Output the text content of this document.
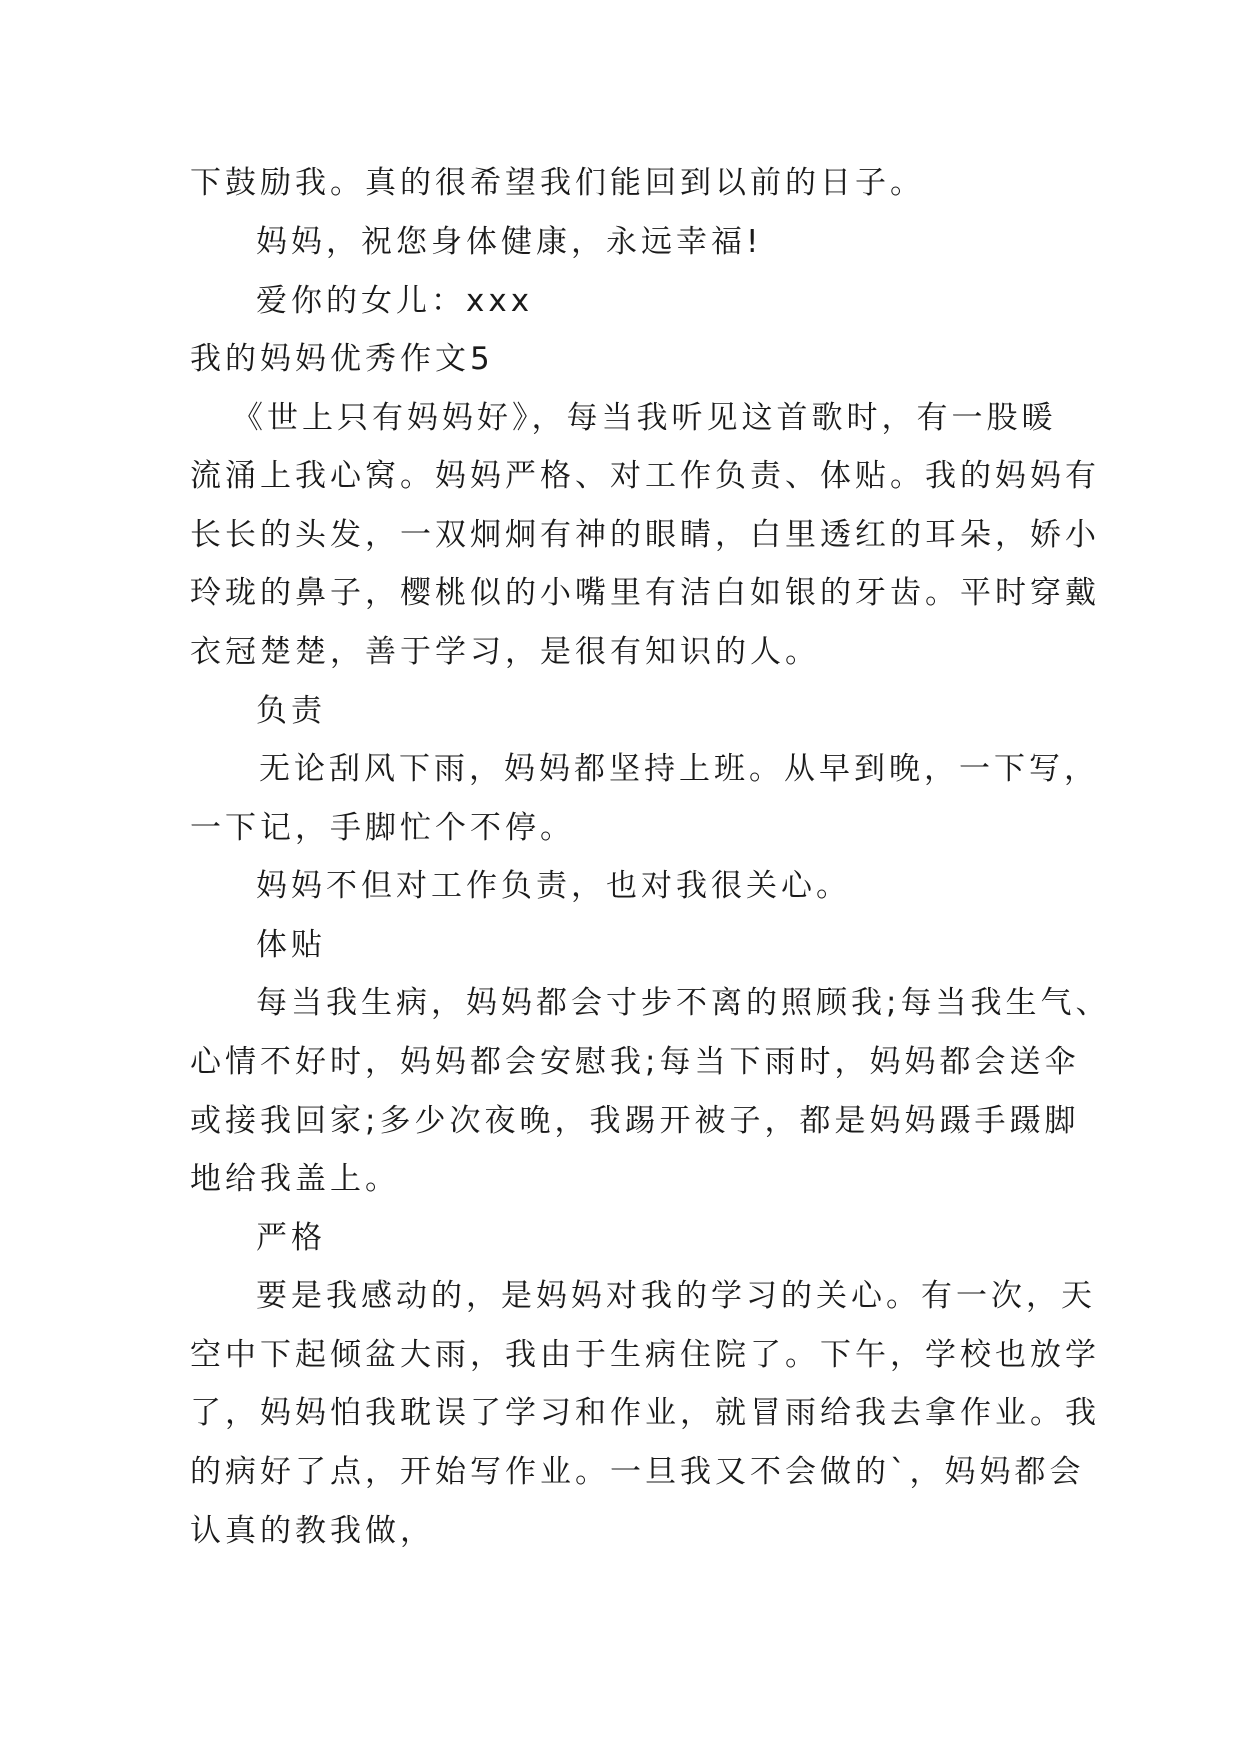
下鼓励我。真的很希望我们能回到以前的日子。
妈妈，祝您身体健康，永远幸福!
爱你的女儿：xxx
我的妈妈优秀作文5
《世上只有妈妈好》，每当我听见这首歌时，有一股暖
流涌上我心窝。妈妈严格、对工作负责、体贴。我的妈妈有
长长的头发，一双炯炯有神的眼睛，白里透红的耳朵，娇小
玲珑的鼻子，樱桃似的小嘴里有洁白如银的牙齿。平时穿戴
衣冠楚楚，善于学习，是很有知识的人。
负责
无论刮风下雨，妈妈都坚持上班。从早到晚，一下写，
一下记，手脚忙个不停。
妈妈不但对工作负责，也对我很关心。
体贴
每当我生病，妈妈都会寸步不离的照顾我;每当我生气、
心情不好时，妈妈都会安慰我;每当下雨时，妈妈都会送伞
或接我回家;多少次夜晚，我踢开被子，都是妈妈蹑手蹑脚
地给我盖上。
严格
要是我感动的，是妈妈对我的学习的关心。有一次，天
空中下起倾盆大雨，我由于生病住院了。下午，学校也放学
了，妈妈怕我耽误了学习和作业，就冒雨给我去拿作业。我
的病好了点，开始写作业。一旦我又不会做的`，妈妈都会
认真的教我做，
